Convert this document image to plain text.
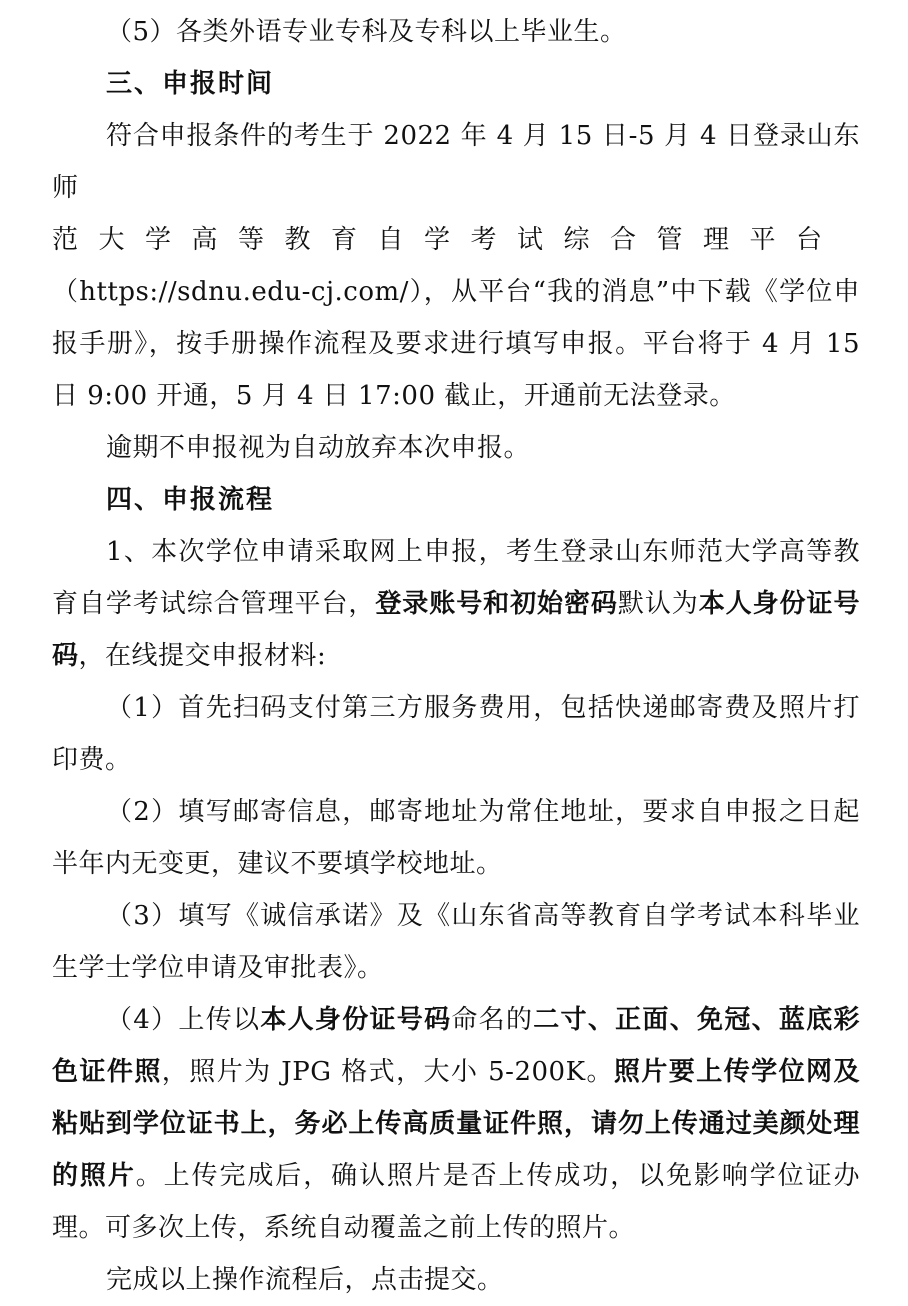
（5）各类外语专业专科及专科以上毕业生。

三、申报时间

符合申报条件的考生于 2022 年 4 月 15 日-5 月 4 日登录山东师
范大学高等教育自学考试综合管理平台
（https://sdnu.edu-cj.com/），从平台“我的消息”中下载《学位申报手册》，按手册操作流程及要求进行填写申报。平台将于 4 月 15 日 9:00 开通，5 月 4 日 17:00 截止，开通前无法登录。

逾期不申报视为自动放弃本次申报。

四、申报流程

1、本次学位申请采取网上申报，考生登录山东师范大学高等教育自学考试综合管理平台，登录账号和初始密码默认为本人身份证号码，在线提交申报材料:

（1）首先扫码支付第三方服务费用，包括快递邮寄费及照片打印费。

（2）填写邮寄信息，邮寄地址为常住地址，要求自申报之日起半年内无变更，建议不要填学校地址。

（3）填写《诚信承诺》及《山东省高等教育自学考试本科毕业生学士学位申请及审批表》。

（4）上传以本人身份证号码命名的二寸、正面、免冠、蓝底彩色证件照，照片为 JPG 格式，大小 5-200K。照片要上传学位网及粘贴到学位证书上，务必上传高质量证件照，请勿上传通过美颜处理的照片。上传完成后，确认照片是否上传成功，以免影响学位证办理。可多次上传，系统自动覆盖之前上传的照片。

完成以上操作流程后，点击提交。
